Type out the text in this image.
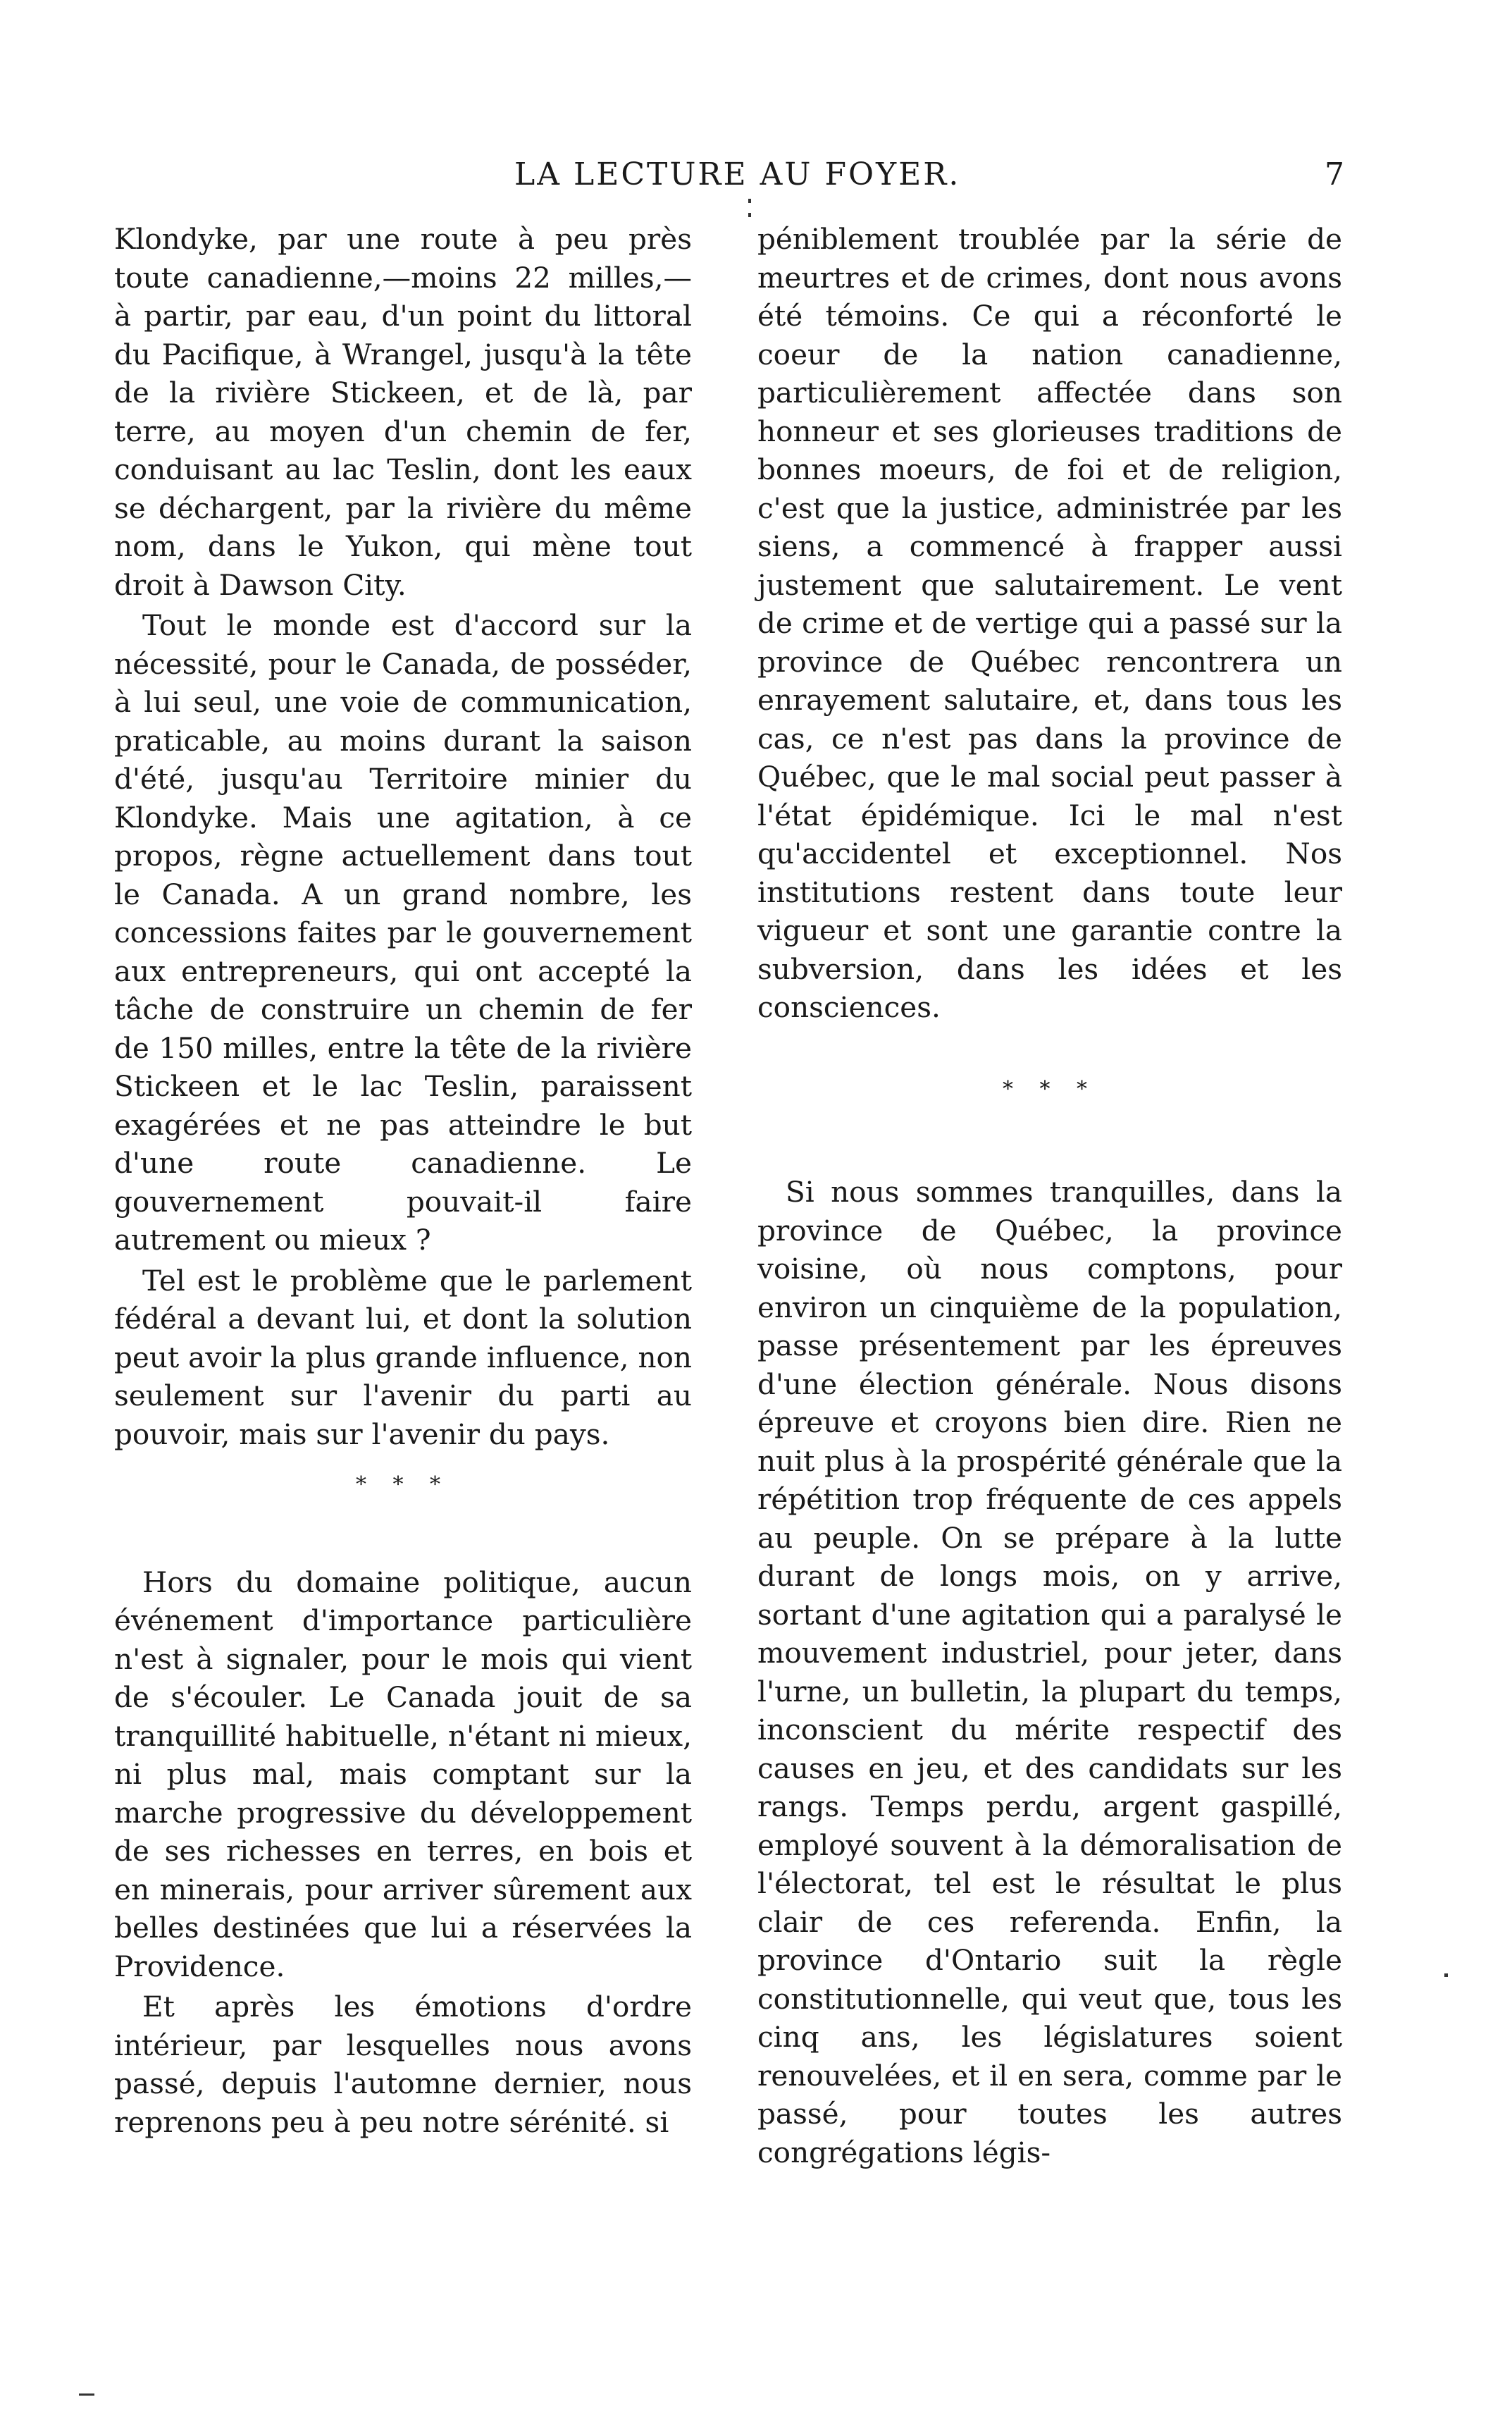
LA LECTURE AU FOYER.	7

Klondyke, par une route à peu près toute canadienne,—moins 22 milles,— à partir, par eau, d'un point du littoral du Pacifique, à Wrangel, jusqu'à la tête de la rivière Stickeen, et de là, par terre, au moyen d'un chemin de fer, conduisant au lac Teslin, dont les eaux se déchargent, par la rivière du même nom, dans le Yukon, qui mène tout droit à Dawson City.

Tout le monde est d'accord sur la nécessité, pour le Canada, de posséder, à lui seul, une voie de communication, praticable, au moins durant la saison d'été, jusqu'au Territoire minier du Klondyke. Mais une agitation, à ce propos, règne actuellement dans tout le Canada. A un grand nombre, les concessions faites par le gouvernement aux entrepreneurs, qui ont accepté la tâche de construire un chemin de fer de 150 milles, entre la tête de la rivière Stickeen et le lac Teslin, paraissent exagérées et ne pas atteindre le but d'une route canadienne. Le gouvernement pouvait-il faire autrement ou mieux ?

Tel est le problème que le parlement fédéral a devant lui, et dont la solution peut avoir la plus grande influence, non seulement sur l'avenir du parti au pouvoir, mais sur l'avenir du pays.

* * *

Hors du domaine politique, aucun événement d'importance particulière n'est à signaler, pour le mois qui vient de s'écouler. Le Canada jouit de sa tranquillité habituelle, n'étant ni mieux, ni plus mal, mais comptant sur la marche progressive du développement de ses richesses en terres, en bois et en minerais, pour arriver sûrement aux belles destinées que lui a réservées la Providence.

Et après les émotions d'ordre intérieur, par lesquelles nous avons passé, depuis l'automne dernier, nous reprenons peu à peu notre sérénité. si

péniblement troublée par la série de meurtres et de crimes, dont nous avons été témoins. Ce qui a réconforté le coeur de la nation canadienne, particulièrement affectée dans son honneur et ses glorieuses traditions de bonnes moeurs, de foi et de religion, c'est que la justice, administrée par les siens, a commencé à frapper aussi justement que salutairement. Le vent de crime et de vertige qui a passé sur la province de Québec rencontrera un enrayement salutaire, et, dans tous les cas, ce n'est pas dans la province de Québec, que le mal social peut passer à l'état épidémique. Ici le mal n'est qu'accidentel et exceptionnel. Nos institutions restent dans toute leur vigueur et sont une garantie contre la subversion, dans les idées et les consciences.

* * *

Si nous sommes tranquilles, dans la province de Québec, la province voisine, où nous comptons, pour environ un cinquième de la population, passe présentement par les épreuves d'une élection générale. Nous disons épreuve et croyons bien dire. Rien ne nuit plus à la prospérité générale que la répétition trop fréquente de ces appels au peuple. On se prépare à la lutte durant de longs mois, on y arrive, sortant d'une agitation qui a paralysé le mouvement industriel, pour jeter, dans l'urne, un bulletin, la plupart du temps, inconscient du mérite respectif des causes en jeu, et des candidats sur les rangs. Temps perdu, argent gaspillé, employé souvent à la démoralisation de l'électorat, tel est le résultat le plus clair de ces referenda. Enfin, la province d'Ontario suit la règle constitutionnelle, qui veut que, tous les cinq ans, les législatures soient renouvelées, et il en sera, comme par le passé, pour toutes les autres congrégations légis-
